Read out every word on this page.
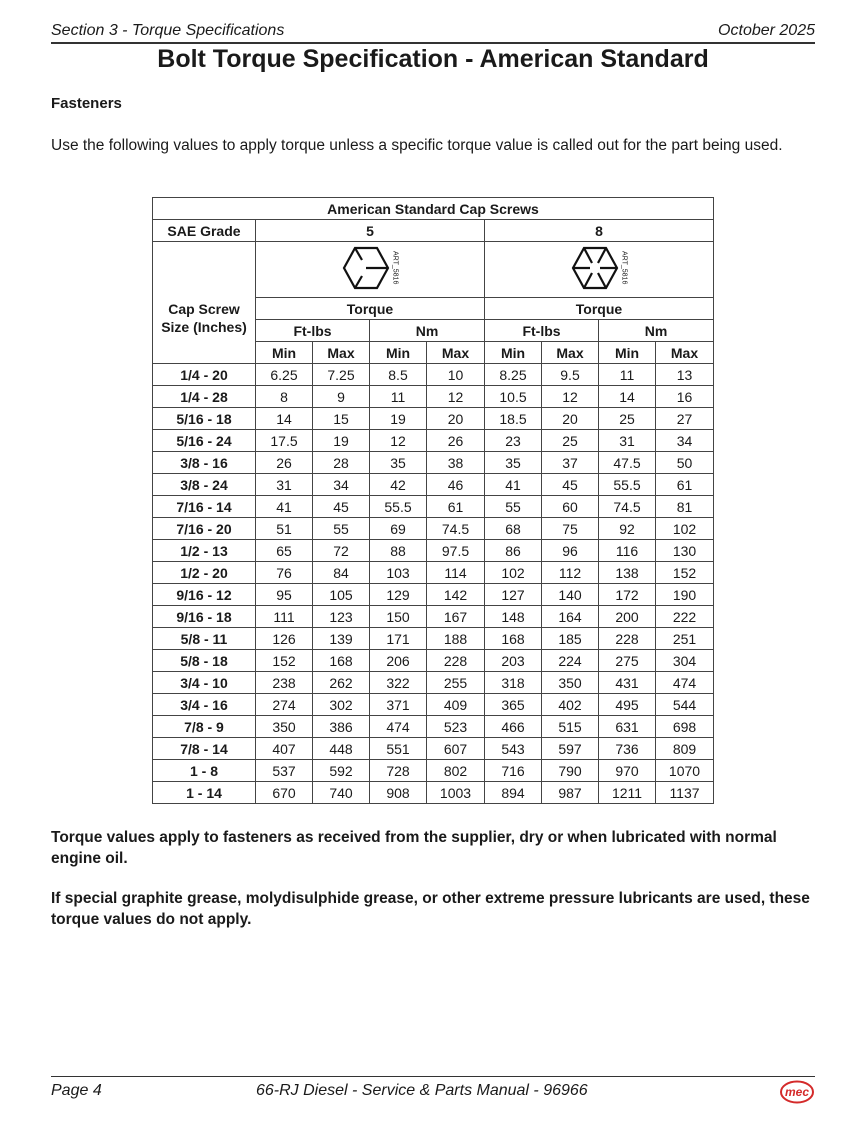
Section 3 - Torque Specifications	October 2025
Bolt Torque Specification - American Standard
Fasteners
Use the following values to apply torque unless a specific torque value is called out for the part being used.
American Standard Cap Screws								
SAE Grade	5				8			
Cap Screw Size (Inches)	ART_5816				ART_5816			

	Torque				Torque			
	Ft-lbs		Nm		Ft-lbs		Nm	
	Min	Max	Min	Max	Min	Max	Min	Max
1/4 - 20	6.25	7.25	8.5	10	8.25	9.5	11	13
1/4 - 28	8	9	11	12	10.5	12	14	16
5/16 - 18	14	15	19	20	18.5	20	25	27
5/16 - 24	17.5	19	12	26	23	25	31	34
3/8 - 16	26	28	35	38	35	37	47.5	50
3/8 - 24	31	34	42	46	41	45	55.5	61
7/16 - 14	41	45	55.5	61	55	60	74.5	81
7/16 - 20	51	55	69	74.5	68	75	92	102
1/2 - 13	65	72	88	97.5	86	96	116	130
1/2 - 20	76	84	103	114	102	112	138	152
9/16 - 12	95	105	129	142	127	140	172	190
9/16 - 18	111	123	150	167	148	164	200	222
5/8 - 11	126	139	171	188	168	185	228	251
5/8 - 18	152	168	206	228	203	224	275	304
3/4 - 10	238	262	322	255	318	350	431	474
3/4 - 16	274	302	371	409	365	402	495	544
7/8 - 9	350	386	474	523	466	515	631	698
7/8 - 14	407	448	551	607	543	597	736	809
1 - 8	537	592	728	802	716	790	970	1070
1 - 14	670	740	908	1003	894	987	1211	1137
Torque values apply to fasteners as received from the supplier, dry or when lubricated with normal engine oil.
If special graphite grease, molydisulphide grease, or other extreme pressure lubricants are used, these torque values do not apply.
Page 4	66-RJ Diesel - Service & Parts Manual - 96966	mec
